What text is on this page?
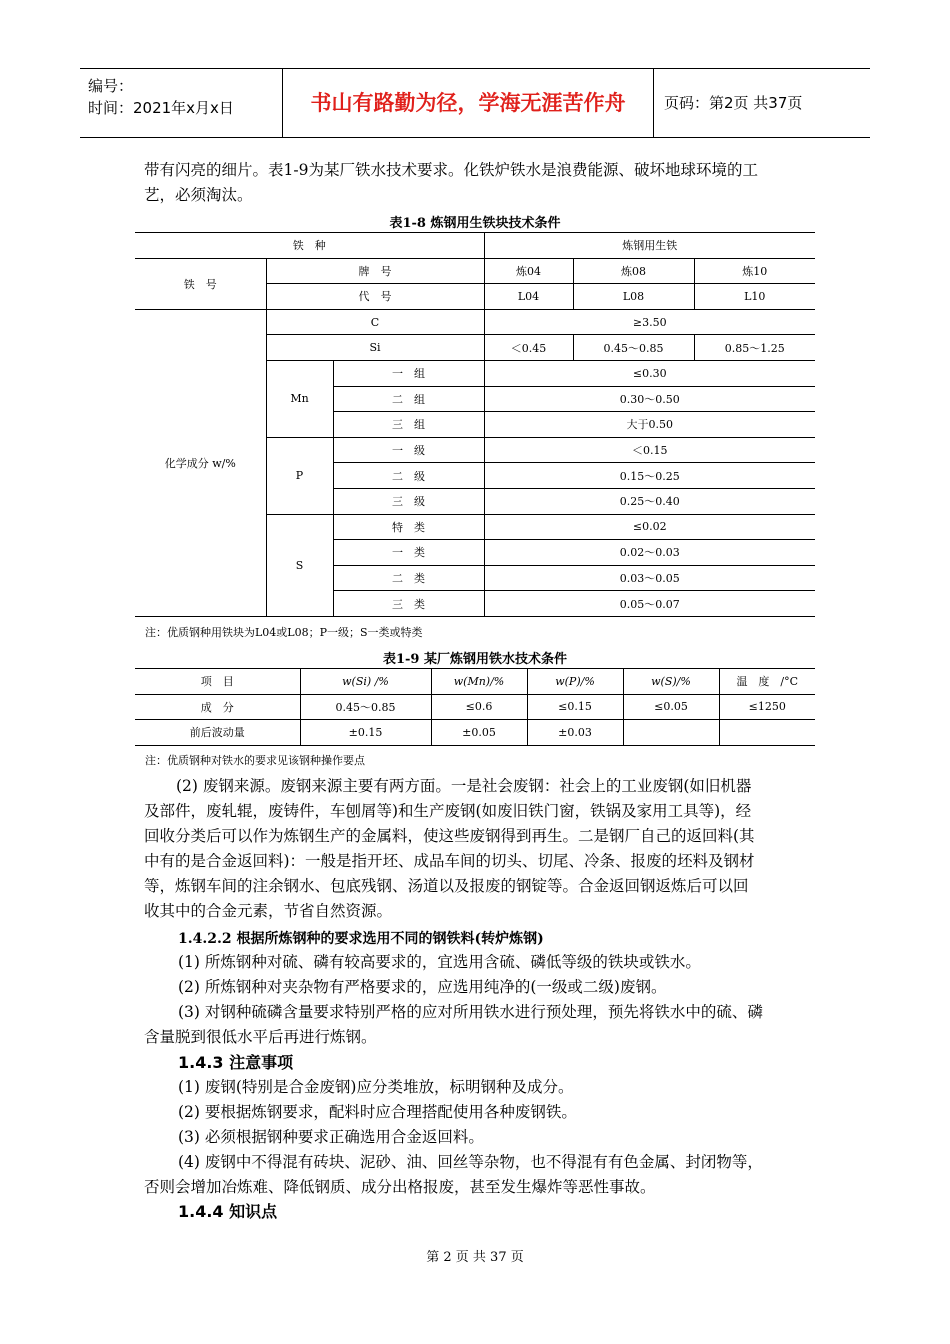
编号：
时间：2021年x月x日	书山有路勤为径，学海无涯苦作舟	页码：第2页 共37页

带有闪亮的细片。表1-9为某厂铁水技术要求。化铁炉铁水是浪费能源、破坏地球环境的工

艺，必须淘汰。

表1-8 炼钢用生铁块技术条件
铁　种			炼钢用生铁		
铁　号	牌　号		炼04	炼08	炼10
	代　号		L04	L08	L10
化学成分 w/%	C		≥3.50		
	Si		＜0.45	0.45～0.85	0.85～1.25
	Mn	一　组	≤0.30		
		二　组	0.30～0.50		
		三　组	大于0.50		
	P	一　级	＜0.15		
		二　级	0.15～0.25		
		三　级	0.25～0.40		
	S	特　类	≤0.02		
		一　类	0.02～0.03		
		二　类	0.03～0.05		
		三　类	0.05～0.07		
注：优质钢种用铁块为L04或L08；P一级；S一类或特类
表1-9 某厂炼钢用铁水技术条件
项　目	w(Si) /%	w(Mn)/%	w(P)/%	w(S)/%	温　度　/°C
成　分	0.45～0.85	≤0.6	≤0.15	≤0.05	≤1250
前后波动量	±0.15	±0.05	±0.03		
注：优质钢种对铁水的要求见该钢种操作要点

(2) 废钢来源。废钢来源主要有两方面。一是社会废钢：社会上的工业废钢(如旧机器

及部件，废轧辊，废铸件，车刨屑等)和生产废钢(如废旧铁门窗，铁锅及家用工具等)，经

回收分类后可以作为炼钢生产的金属料，使这些废钢得到再生。二是钢厂自己的返回料(其

中有的是合金返回料)：一般是指开坯、成品车间的切头、切尾、冷条、报废的坯料及钢材

等，炼钢车间的注余钢水、包底残钢、汤道以及报废的钢锭等。合金返回钢返炼后可以回

收其中的合金元素，节省自然资源。

1.4.2.2 根据所炼钢种的要求选用不同的钢铁料(转炉炼钢)
(1) 所炼钢种对硫、磷有较高要求的，宜选用含硫、磷低等级的铁块或铁水。
(2) 所炼钢种对夹杂物有严格要求的，应选用纯净的(一级或二级)废钢。
(3) 对钢种硫磷含量要求特别严格的应对所用铁水进行预处理，预先将铁水中的硫、磷
含量脱到很低水平后再进行炼钢。
1.4.3 注意事项
(1) 废钢(特别是合金废钢)应分类堆放，标明钢种及成分。
(2) 要根据炼钢要求，配料时应合理搭配使用各种废钢铁。
(3) 必须根据钢种要求正确选用合金返回料。
(4) 废钢中不得混有砖块、泥砂、油、回丝等杂物，也不得混有有色金属、封闭物等，
否则会增加冶炼难、降低钢质、成分出格报废，甚至发生爆炸等恶性事故。
1.4.4 知识点
第 2 页 共 37 页
